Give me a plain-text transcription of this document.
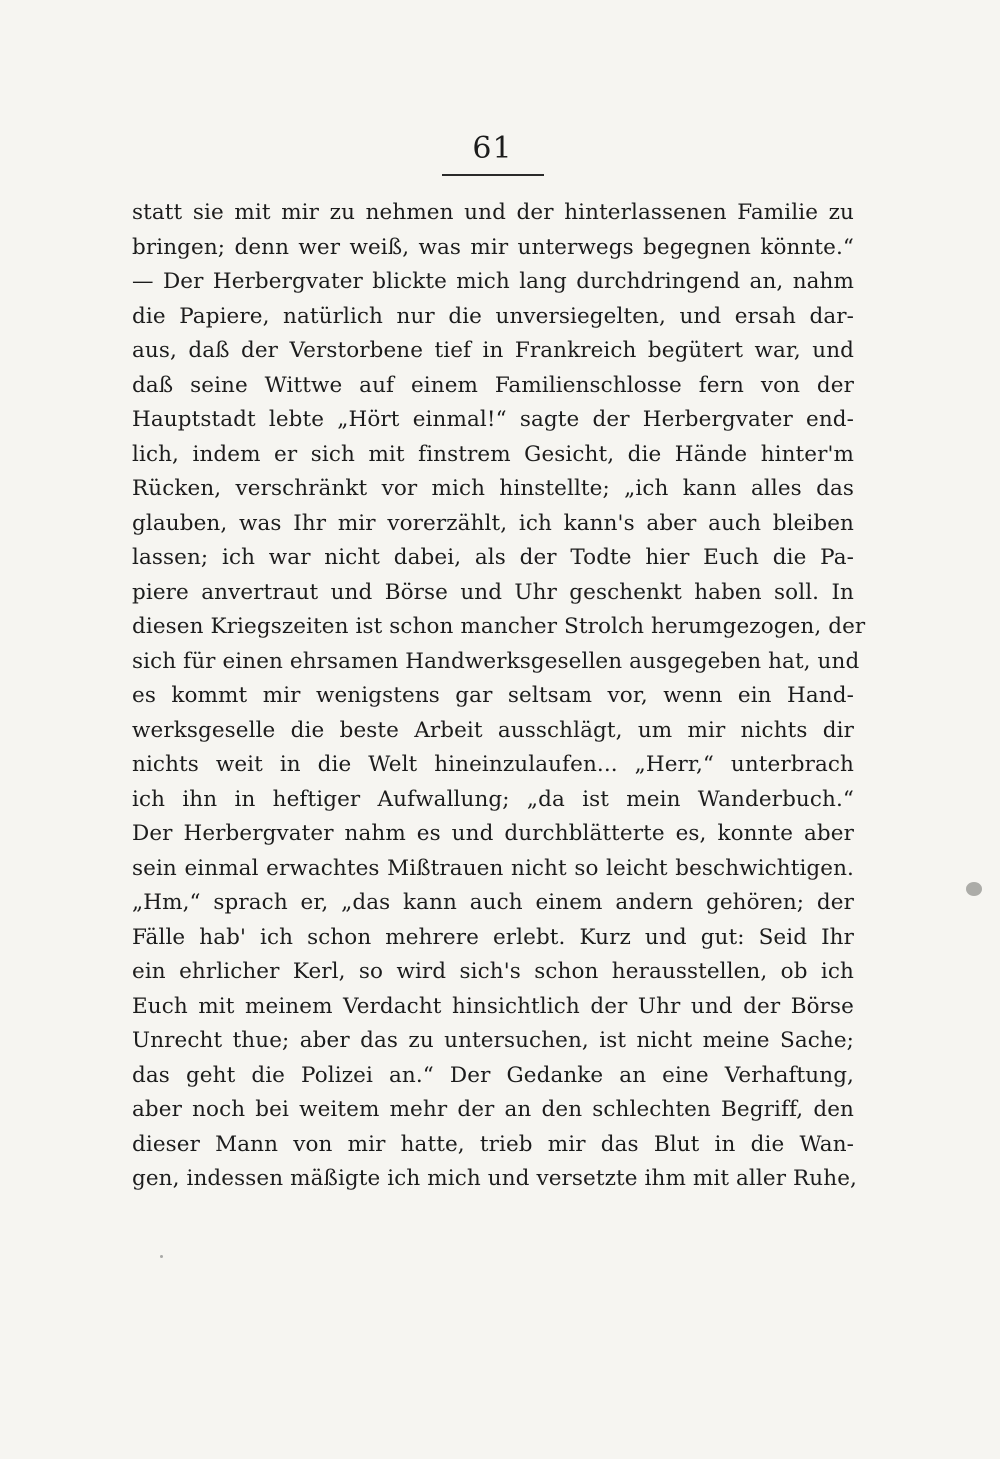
61
statt sie mit mir zu nehmen und der hinterlassenen Familie zu
bringen; denn wer weiß, was mir unterwegs begegnen könnte.“
— Der Herbergvater blickte mich lang durchdringend an, nahm
die Papiere, natürlich nur die unversiegelten, und ersah dar-
aus, daß der Verstorbene tief in Frankreich begütert war, und
daß seine Wittwe auf einem Familienschlosse fern von der
Hauptstadt lebte „Hört einmal!“ sagte der Herbergvater end-
lich, indem er sich mit finstrem Gesicht, die Hände hinter'm
Rücken, verschränkt vor mich hinstellte; „ich kann alles das
glauben, was Ihr mir vorerzählt, ich kann's aber auch bleiben
lassen; ich war nicht dabei, als der Todte hier Euch die Pa-
piere anvertraut und Börse und Uhr geschenkt haben soll. In
diesen Kriegszeiten ist schon mancher Strolch herumgezogen, der
sich für einen ehrsamen Handwerksgesellen ausgegeben hat, und
es kommt mir wenigstens gar seltsam vor, wenn ein Hand-
werksgeselle die beste Arbeit ausschlägt, um mir nichts dir
nichts weit in die Welt hineinzulaufen... „Herr,“ unterbrach
ich ihn in heftiger Aufwallung; „da ist mein Wanderbuch.“
Der Herbergvater nahm es und durchblätterte es, konnte aber
sein einmal erwachtes Mißtrauen nicht so leicht beschwichtigen.
„Hm,“ sprach er, „das kann auch einem andern gehören; der
Fälle hab' ich schon mehrere erlebt. Kurz und gut: Seid Ihr
ein ehrlicher Kerl, so wird sich's schon herausstellen, ob ich
Euch mit meinem Verdacht hinsichtlich der Uhr und der Börse
Unrecht thue; aber das zu untersuchen, ist nicht meine Sache;
das geht die Polizei an.“ Der Gedanke an eine Verhaftung,
aber noch bei weitem mehr der an den schlechten Begriff, den
dieser Mann von mir hatte, trieb mir das Blut in die Wan-
gen, indessen mäßigte ich mich und versetzte ihm mit aller Ruhe,
